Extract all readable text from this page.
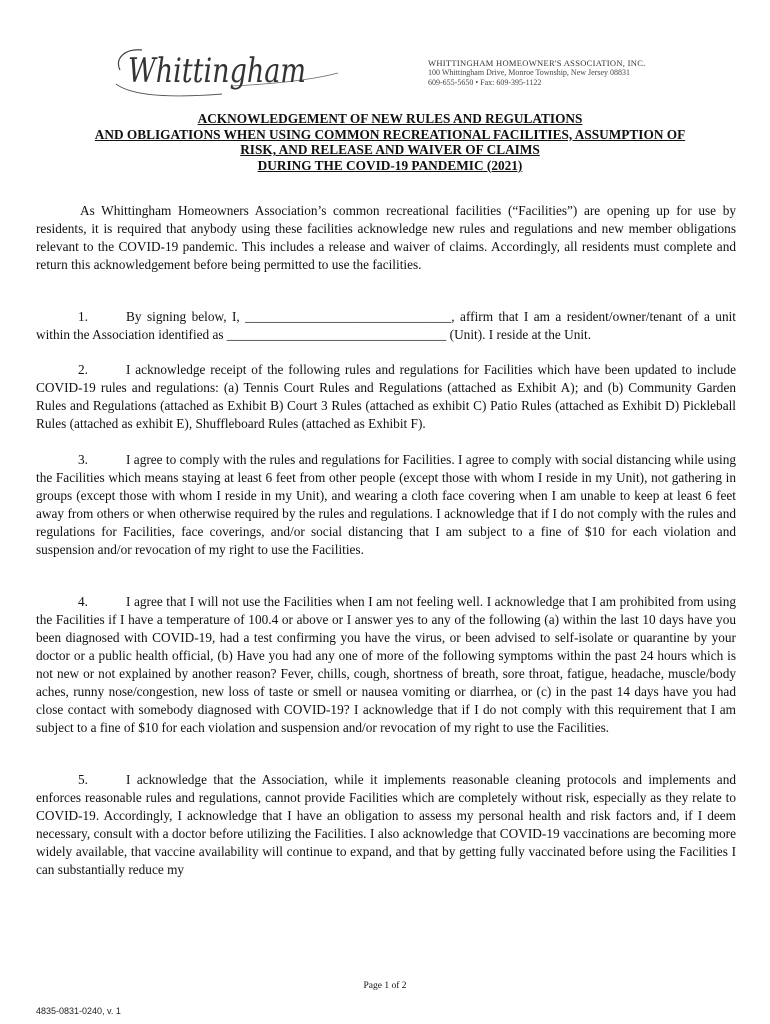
Whittingham	WHITTINGHAM HOMEOWNER'S ASSOCIATION, INC.
100 Whittingham Drive, Monroe Township, New Jersey 08831
609-655-5650 • Fax: 609-395-1122
ACKNOWLEDGEMENT OF NEW RULES AND REGULATIONS
AND OBLIGATIONS WHEN USING COMMON RECREATIONAL FACILITIES, ASSUMPTION OF
RISK, AND RELEASE AND WAIVER OF CLAIMS
DURING THE COVID-19 PANDEMIC (2021)
As Whittingham Homeowners Association’s common recreational facilities (“Facilities”) are opening up for use by residents, it is required that anybody using these facilities acknowledge new rules and regulations and new member obligations relevant to the COVID-19 pandemic. This includes a release and waiver of claims. Accordingly, all residents must complete and return this acknowledgement before being permitted to use the facilities.
1.	By signing below, I, _______________________________, affirm that I am a resident/owner/tenant of a unit within the Association identified as _________________________________ (Unit). I reside at the Unit.
2.	I acknowledge receipt of the following rules and regulations for Facilities which have been updated to include COVID-19 rules and regulations: (a) Tennis Court Rules and Regulations (attached as Exhibit A); and (b) Community Garden Rules and Regulations (attached as Exhibit B) Court 3 Rules (attached as exhibit C) Patio Rules (attached as Exhibit D) Pickleball Rules (attached as exhibit E), Shuffleboard Rules (attached as Exhibit F).
3.	I agree to comply with the rules and regulations for Facilities. I agree to comply with social distancing while using the Facilities which means staying at least 6 feet from other people (except those with whom I reside in my Unit), not gathering in groups (except those with whom I reside in my Unit), and wearing a cloth face covering when I am unable to keep at least 6 feet away from others or when otherwise required by the rules and regulations. I acknowledge that if I do not comply with the rules and regulations for Facilities, face coverings, and/or social distancing that I am subject to a fine of $10 for each violation and suspension and/or revocation of my right to use the Facilities.
4.	I agree that I will not use the Facilities when I am not feeling well. I acknowledge that I am prohibited from using the Facilities if I have a temperature of 100.4 or above or I answer yes to any of the following (a) within the last 10 days have you been diagnosed with COVID-19, had a test confirming you have the virus, or been advised to self-isolate or quarantine by your doctor or a public health official, (b) Have you had any one of more of the following symptoms within the past 24 hours which is not new or not explained by another reason? Fever, chills, cough, shortness of breath, sore throat, fatigue, headache, muscle/body aches, runny nose/congestion, new loss of taste or smell or nausea vomiting or diarrhea, or (c) in the past 14 days have you had close contact with somebody diagnosed with COVID-19? I acknowledge that if I do not comply with this requirement that I am subject to a fine of $10 for each violation and suspension and/or revocation of my right to use the Facilities.
5.	I acknowledge that the Association, while it implements reasonable cleaning protocols and implements and enforces reasonable rules and regulations, cannot provide Facilities which are completely without risk, especially as they relate to COVID-19. Accordingly, I acknowledge that I have an obligation to assess my personal health and risk factors and, if I deem necessary, consult with a doctor before utilizing the Facilities. I also acknowledge that COVID-19 vaccinations are becoming more widely available, that vaccine availability will continue to expand, and that by getting fully vaccinated before using the Facilities I can substantially reduce my
Page 1 of 2
4835-0831-0240, v. 1
